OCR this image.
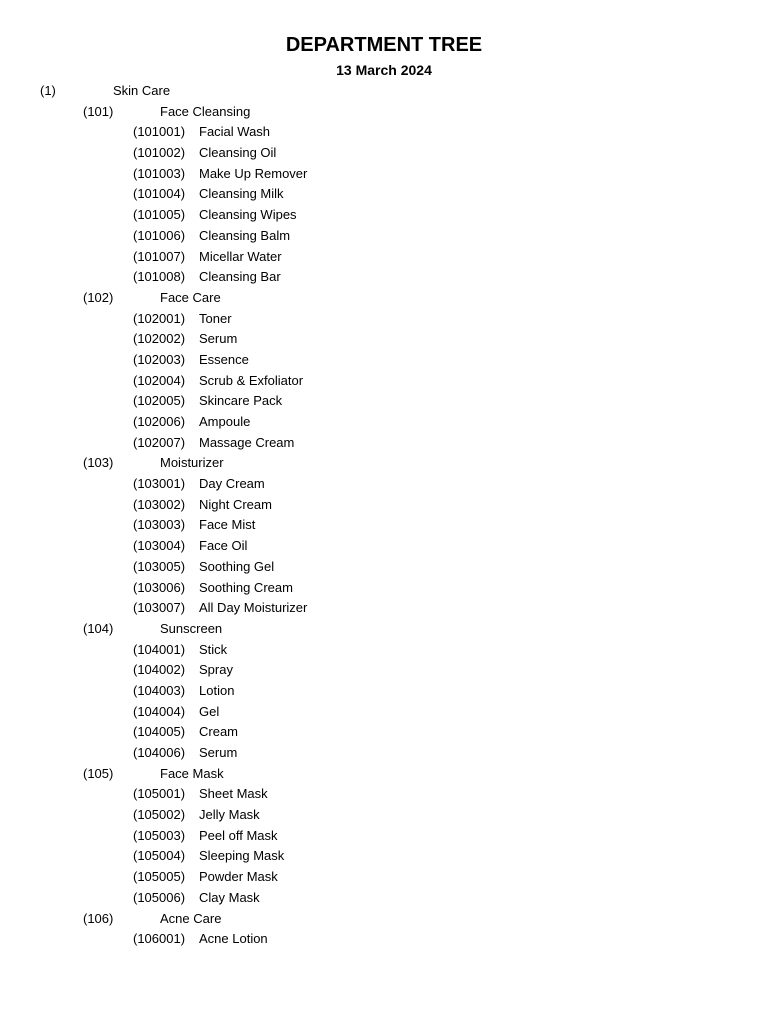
DEPARTMENT TREE
13 March 2024
(1)	Skin Care
(101)	Face Cleansing
(101001) Facial Wash
(101002) Cleansing Oil
(101003) Make Up Remover
(101004) Cleansing Milk
(101005) Cleansing Wipes
(101006) Cleansing Balm
(101007) Micellar Water
(101008) Cleansing Bar
(102)	Face Care
(102001) Toner
(102002) Serum
(102003) Essence
(102004) Scrub & Exfoliator
(102005) Skincare Pack
(102006) Ampoule
(102007) Massage Cream
(103)	Moisturizer
(103001) Day Cream
(103002) Night Cream
(103003) Face Mist
(103004) Face Oil
(103005) Soothing Gel
(103006) Soothing Cream
(103007) All Day Moisturizer
(104)	Sunscreen
(104001) Stick
(104002) Spray
(104003) Lotion
(104004) Gel
(104005) Cream
(104006) Serum
(105)	Face Mask
(105001) Sheet Mask
(105002) Jelly Mask
(105003) Peel off Mask
(105004) Sleeping Mask
(105005) Powder Mask
(105006) Clay Mask
(106)	Acne Care
(106001) Acne Lotion
